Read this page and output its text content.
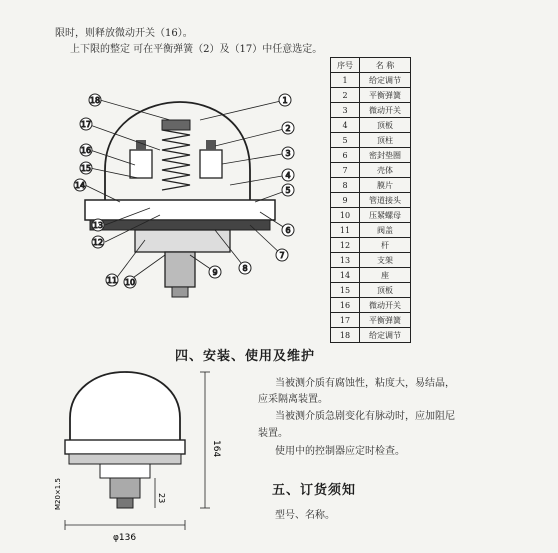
限时，则释放微动开关（16）。
上下限的整定 可在平衡弹簧（2）及（17）中任意选定。
18
17
16
15
14
13
12
11 10
9	8
7
6
5
4
3
2
1
序号	名 称
1	给定调节
2	平衡弹簧
3	微动开关
4	顶板
5	顶柱
6	密封垫圈
7	壳体
8	膜片
9	管道接头
10	压紧螺母
11	阀盖
12	杆
13	支架
14	座
15	顶板
16	微动开关
17	平衡弹簧
18	给定调节
四、安装、使用及维护
当被测介质有腐蚀性，粘度大，易结晶，
应采隔离装置。
当被测介质急剧变化有脉动时，应加阻尼
装置。
使用中的控制器应定时检查。
五、订货须知
型号、名称。
164
23
M20×1.5
φ136
